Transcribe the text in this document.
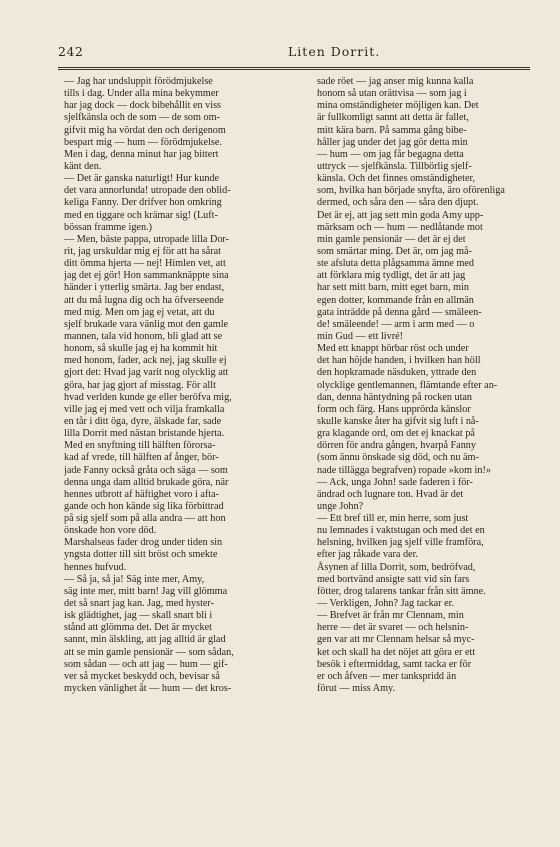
242	Liten Dorrit.
— Jag har undsluppit förödmjukelse
tills i dag. Under alla mina bekymmer
har jag dock — dock bibehållit en viss
sjelfkänsla och de som — de som om-
gifvit mig ha vördat den och derigenom
bespart mig — hum — förödmjukelse.
Men i dag, denna minut har jag bittert
känt den.
— Det är ganska naturligt! Hur kunde
det vara annorlunda! utropade den oblid-
keliga Fanny. Der drifver hon omkring
med en tiggare och krämar sig! (Luft-
bössan framme igen.)
— Men, bäste pappa, utropade lilla Dor-
rit, jag urskuldar mig ej för att ha sårat
ditt ömma hjerta — nej! Himlen vet, att
jag det ej gör! Hon sammanknäppte sina
händer i ytterlig smärta. Jag ber endast,
att du må lugna dig och ha öfverseende
med mig. Men om jag ej vetat, att du
sjelf brukade vara vänlig mot den gamle
mannen, tala vid honom, bli glad att se
honom, så skulle jag ej ha kommit hit
med honom, fader, ack nej, jag skulle ej
gjort det: Hvad jag varit nog olycklig att
göra, har jag gjort af misstag. För allt
hvad verlden kunde ge eller beröfva mig,
ville jag ej med vett och vilja framkalla
en tår i ditt öga, dyre, älskade far, sade
lilla Dorrit med nästan bristande hjerta.
Med en snyftning till hälften förorsa-
kad af vrede, till hälften af ånger, bör-
jade Fanny också gråta och säga — som
denna unga dam alltid brukade göra, när
hennes utbrott af häftighet voro i afta-
gande och hon kände sig lika förbittrad
på sig sjelf som på alla andra — att hon
önskade hon vore död.
Marshalseas fader drog under tiden sin
yngsta dotter till sitt bröst och smekte
hennes hufvud.
— Så ja, så ja! Säg inte mer, Amy,
säg inte mer, mitt barn! Jag vill glömma
det så snart jag kan. Jag, med hyster-
isk glädtighet, jag — skall snart bli i
stånd att glömma det. Det är mycket
sannt, min älskling, att jag alltid är glad
att se min gamle pensionär — som sådan,
som sådan — och att jag — hum — gif-
ver så mycket beskydd och, bevisar så
mycken vänlighet åt — hum — det kros-
sade röet — jag anser mig kunna kalla
honom så utan orättvisa — som jag i
mina omständigheter möjligen kan. Det
är fullkomligt sannt att detta är fallet,
mitt kära barn. På samma gång bibe-
håller jag under det jag gör detta min
— hum — om jag får begagna detta
uttryck — sjelfkänsla. Tillbörlig sjelf-
känsla. Och det finnes omständigheter,
som, hvilka han började snyfta, äro oförenliga
dermed, och såra den — såra den djupt.
Det är ej, att jag sett min goda Amy upp-
märksam och — hum — nedlåtande mot
min gamle pensionär — det är ej det
som smärtar ming. Det är, om jag må-
ste afsluta detta plågsamma ämne med
att förklara mig tydligt, det är att jag
har sett mitt barn, mitt eget barn, min
egen dotter, kommande från en allmän
gata inträdde på denna gård — smäleen-
de! smäleende! — arm i arm med — o
min Gud — ett livré!
Med ett knappt hörbar röst och under
det han höjde handen, i hvilken han höll
den hopkramade näsduken, yttrade den
olycklige gentlemannen, flämtande efter an-
dan, denna häntydning på rocken utan
form och färg. Hans upprörda känslor
skulle kanske åter ha gifvit sig luft i nå-
gra klagande ord, om det ej knackat på
dörren för andra gången, hvarpå Fanny
(som ännu önskade sig död, och nu äm-
nade tillägga begrafven) ropade »kom in!»
— Ack, unga John! sade faderen i för-
ändrad och lugnare ton. Hvad är det
unge John?
— Ett bref till er, min herre, som just
nu lemnades i vaktstugan och med det en
helsning, hvilken jag sjelf ville framföra,
efter jag råkade vara der.
Åsynen af lilla Dorrit, som, bedröfvad,
med bortvänd ansigte satt vid sin fars
fötter, drog talarens tankar från sitt ämne.
— Verkligen, John? Jag tackar er.
— Brefvet är från mr Clennam, min
herre — det är svaret — och helsnin-
gen var att mr Clennam helsar så myc-
ket och skall ha det nöjet att göra er ett
besök i eftermiddag, samt tacka er för
er och åfven — mer tankspridd än
förut — miss Amy.
